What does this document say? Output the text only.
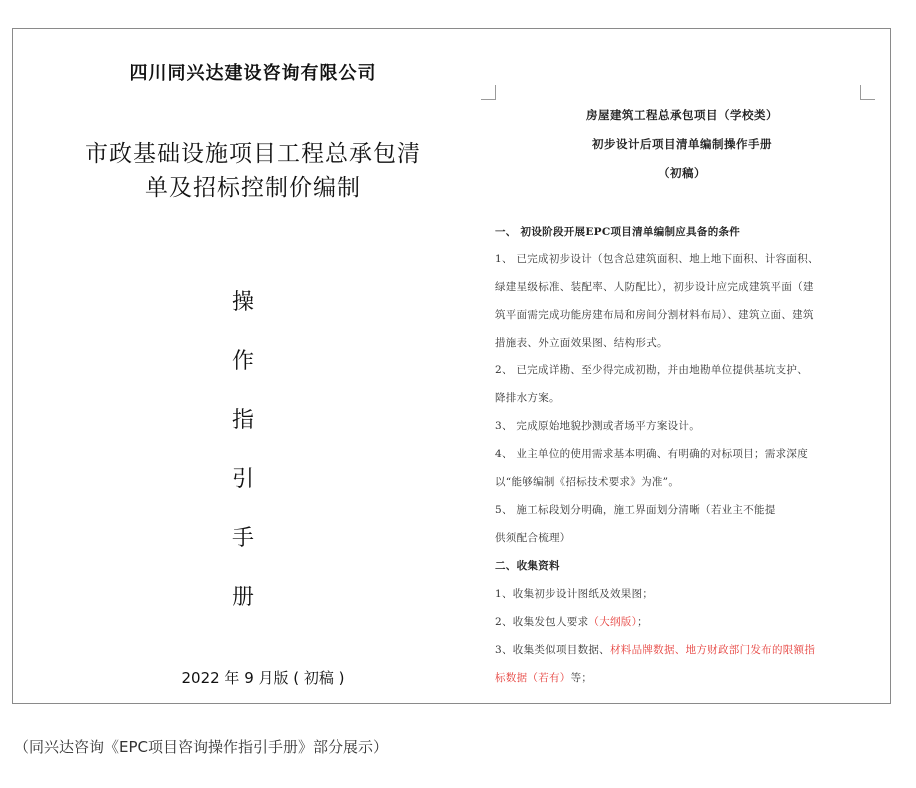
四川同兴达建设咨询有限公司
市政基础设施项目工程总承包清
单及招标控制价编制
操
作
指
引
手
册
2022 年 9 月版 ( 初稿 )
房屋建筑工程总承包项目（学校类）
初步设计后项目清单编制操作手册
（初稿）
一、 初设阶段开展EPC项目清单编制应具备的条件
1、 已完成初步设计（包含总建筑面积、地上地下面积、计容面积、
绿建星级标准、装配率、人防配比），初步设计应完成建筑平面（建
筑平面需完成功能房建布局和房间分割材料布局）、建筑立面、建筑
措施表、外立面效果图、结构形式。
2、 已完成详勘、至少得完成初勘，并由地勘单位提供基坑支护、
降排水方案。
3、 完成原始地貌抄测或者场平方案设计。
4、 业主单位的使用需求基本明确、有明确的对标项目；需求深度
以“能够编制《招标技术要求》为准”。
5、 施工标段划分明确，施工界面划分清晰（若业主不能提
供须配合梳理）
二、收集资料
1、收集初步设计图纸及效果图；
2、收集发包人要求（大纲版）；
3、收集类似项目数据、材料品牌数据、地方财政部门发布的限额指
标数据（若有）等；
（同兴达咨询《EPC项目咨询操作指引手册》部分展示）
